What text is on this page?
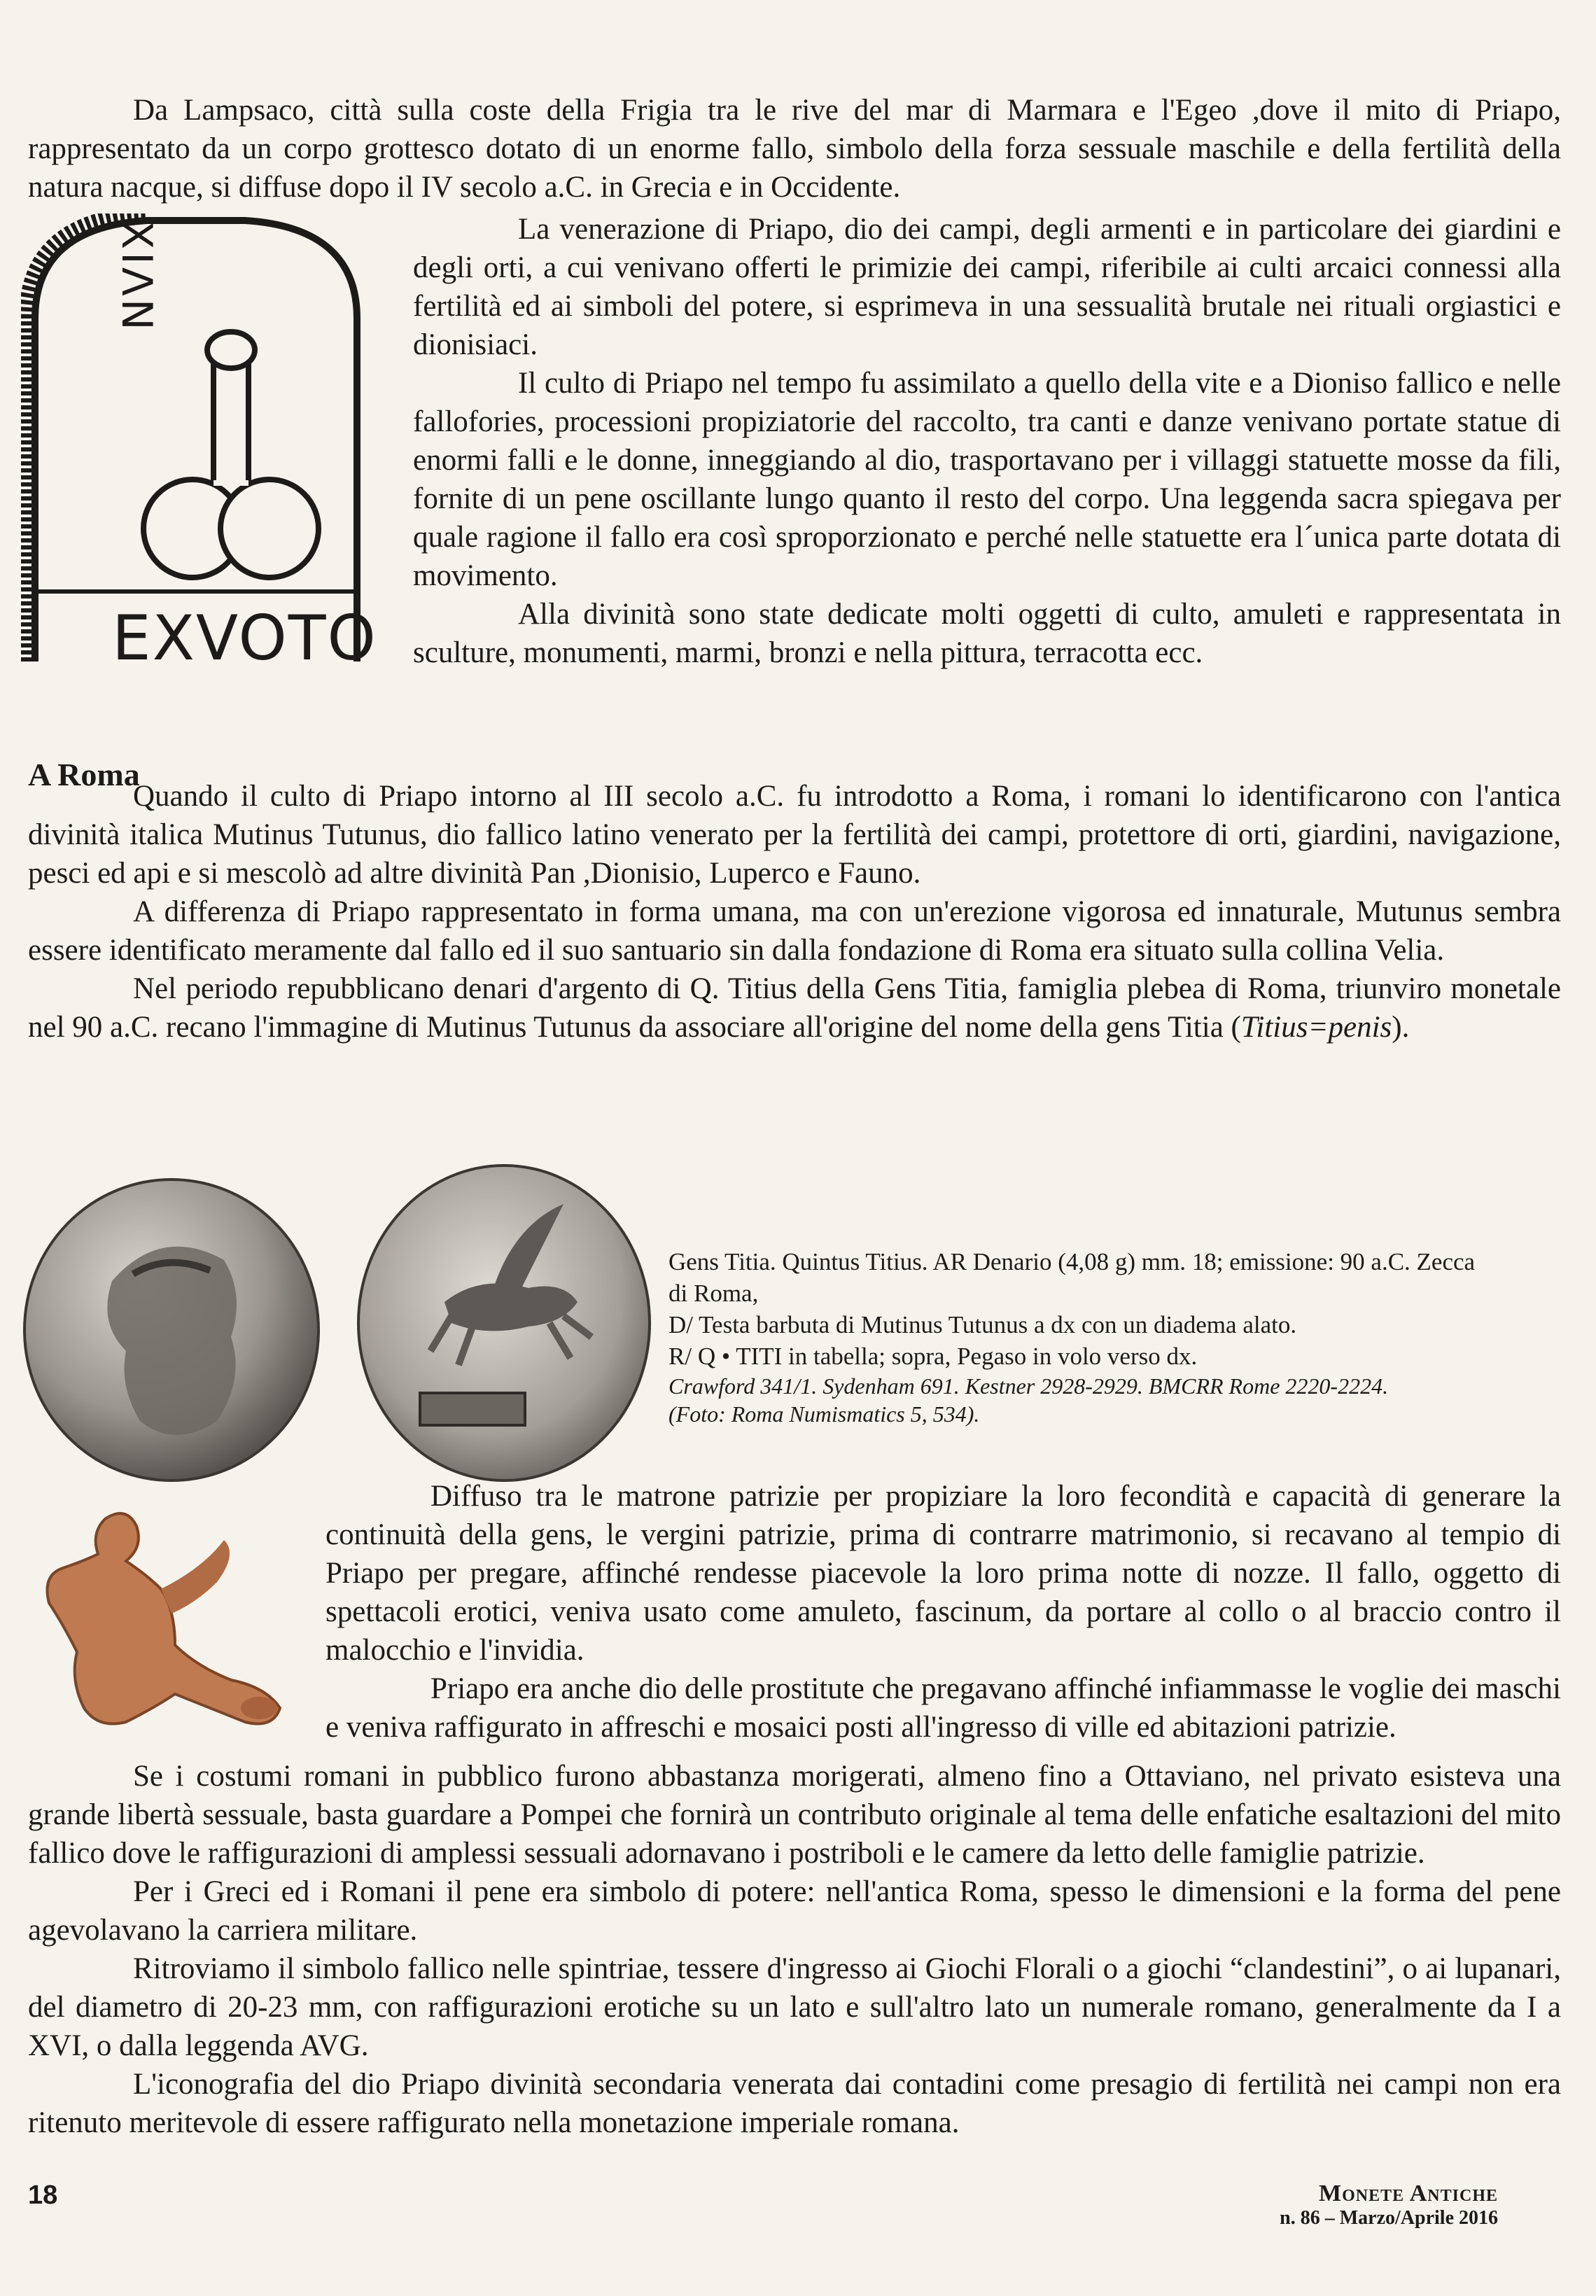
Da Lampsaco, città sulla coste della Frigia tra le rive del mar di Marmara e l'Egeo ,dove il mito di Priapo, rappresentato da un corpo grottesco dotato di un enorme fallo, simbolo della forza sessuale maschile e della fertilità della natura nacque, si diffuse dopo il IV secolo a.C. in Grecia e in Occidente.

XIΛN
EXVOTO

La venerazione di Priapo, dio dei campi, degli armenti e in particolare dei giardini e degli orti, a cui venivano offerti le primizie dei campi, riferibile ai culti arcaici connessi alla fertilità ed ai simboli del potere, si esprimeva in una sessualità brutale nei rituali orgiastici e dionisiaci.

Il culto di Priapo nel tempo fu assimilato a quello della vite e a Dioniso fallico e nelle fallofories, processioni propiziatorie del raccolto, tra canti e danze venivano portate statue di enormi falli e le donne, inneggiando al dio, trasportavano per i villaggi statuette mosse da fili, fornite di un pene oscillante lungo quanto il resto del corpo. Una leggenda sacra spiegava per quale ragione il fallo era così sproporzionato e perché nelle statuette era l´unica parte dotata di movimento.

Alla divinità sono state dedicate molti oggetti di culto, amuleti e rappresentata in sculture, monumenti, marmi, bronzi e nella pittura, terracotta ecc.

A Roma

Quando il culto di Priapo intorno al III secolo a.C. fu introdotto a Roma, i romani lo identificarono con l'antica divinità italica Mutinus Tutunus, dio fallico latino venerato per la fertilità dei campi, protettore di orti, giardini, navigazione, pesci ed api e si mescolò ad altre divinità Pan ,Dionisio, Luperco e Fauno.

A differenza di Priapo rappresentato in forma umana, ma con un'erezione vigorosa ed innaturale, Mutunus sembra essere identificato meramente dal fallo ed il suo santuario sin dalla fondazione di Roma era situato sulla collina Velia.

Nel periodo repubblicano denari d'argento di Q. Titius della Gens Titia, famiglia plebea di Roma, triunviro monetale nel 90 a.C. recano l'immagine di Mutinus Tutunus da associare all'origine del nome della gens Titia (Titius=penis).

Gens Titia. Quintus Titius. AR Denario (4,08 g) mm. 18; emissione: 90 a.C. Zecca di Roma,

D/ Testa barbuta di Mutinus Tutunus a dx con un diadema alato.

R/ Q • TITI in tabella; sopra, Pegaso in volo verso dx.

Crawford 341/1. Sydenham 691. Kestner 2928-2929. BMCRR Rome 2220-2224.

(Foto: Roma Numismatics 5, 534).

Diffuso tra le matrone patrizie per propiziare la loro fecondità e capacità di generare la continuità della gens, le vergini patrizie, prima di contrarre matrimonio, si recavano al tempio di Priapo per pregare, affinché rendesse piacevole la loro prima notte di nozze. Il fallo, oggetto di spettacoli erotici, veniva usato come amuleto, fascinum, da portare al collo o al braccio contro il malocchio e l'invidia.

Priapo era anche dio delle prostitute che pregavano affinché infiammasse le voglie dei maschi e veniva raffigurato in affreschi e mosaici posti all'ingresso di ville ed abitazioni patrizie.

Se i costumi romani in pubblico furono abbastanza morigerati, almeno fino a Ottaviano, nel privato esisteva una grande libertà sessuale, basta guardare a Pompei che fornirà un contributo originale al tema delle enfatiche esaltazioni del mito fallico dove le raffigurazioni di amplessi sessuali adornavano i postriboli e le camere da letto delle famiglie patrizie.

Per i Greci ed i Romani il pene era simbolo di potere: nell'antica Roma, spesso le dimensioni e la forma del pene agevolavano la carriera militare.

Ritroviamo il simbolo fallico nelle spintriae, tessere d'ingresso ai Giochi Florali o a giochi “clandestini”, o ai lupanari, del diametro di 20-23 mm, con raffigurazioni erotiche su un lato e sull'altro lato un numerale romano, generalmente da I a XVI, o dalla leggenda AVG.

L'iconografia del dio Priapo divinità secondaria venerata dai contadini come presagio di fertilità nei campi non era ritenuto meritevole di essere raffigurato nella monetazione imperiale romana.

18	Monete Antiche
n. 86 – Marzo/Aprile 2016
